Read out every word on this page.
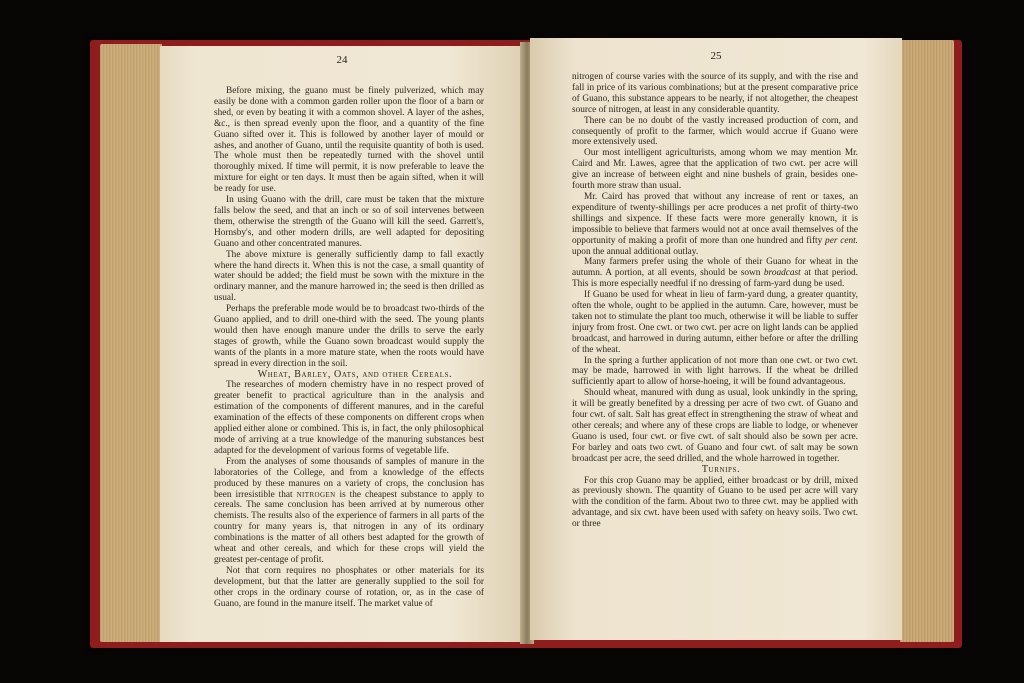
24

Before mixing, the guano must be finely pulverized, which may easily be done with a common garden roller upon the floor of a barn or shed, or even by beating it with a common shovel. A layer of the ashes, &c., is then spread evenly upon the floor, and a quantity of the fine Guano sifted over it. This is followed by another layer of mould or ashes, and another of Guano, until the requisite quantity of both is used. The whole must then be repeatedly turned with the shovel until thoroughly mixed. If time will permit, it is now preferable to leave the mixture for eight or ten days. It must then be again sifted, when it will be ready for use.

In using Guano with the drill, care must be taken that the mixture falls below the seed, and that an inch or so of soil intervenes between them, otherwise the strength of the Guano will kill the seed. Garrett's, Hornsby's, and other modern drills, are well adapted for depositing Guano and other concentrated manures.

The above mixture is generally sufficiently damp to fall exactly where the hand directs it. When this is not the case, a small quantity of water should be added; the field must be sown with the mixture in the ordinary manner, and the manure harrowed in; the seed is then drilled as usual.

Perhaps the preferable mode would be to broadcast two-thirds of the Guano applied, and to drill one-third with the seed. The young plants would then have enough manure under the drills to serve the early stages of growth, while the Guano sown broadcast would supply the wants of the plants in a more mature state, when the roots would have spread in every direction in the soil.

Wheat, Barley, Oats, and other Cereals.

The researches of modern chemistry have in no respect proved of greater benefit to practical agriculture than in the analysis and estimation of the components of different manures, and in the careful examination of the effects of these components on different crops when applied either alone or combined. This is, in fact, the only philosophical mode of arriving at a true knowledge of the manuring substances best adapted for the development of various forms of vegetable life.

From the analyses of some thousands of samples of manure in the laboratories of the College, and from a knowledge of the effects produced by these manures on a variety of crops, the conclusion has been irresistible that nitrogen is the cheapest substance to apply to cereals. The same conclusion has been arrived at by numerous other chemists. The results also of the experience of farmers in all parts of the country for many years is, that nitrogen in any of its ordinary combinations is the matter of all others best adapted for the growth of wheat and other cereals, and which for these crops will yield the greatest per-centage of profit.

Not that corn requires no phosphates or other materials for its development, but that the latter are generally supplied to the soil for other crops in the ordinary course of rotation, or, as in the case of Guano, are found in the manure itself. The market value of

25

nitrogen of course varies with the source of its supply, and with the rise and fall in price of its various combinations; but at the present comparative price of Guano, this substance appears to be nearly, if not altogether, the cheapest source of nitrogen, at least in any considerable quantity.

There can be no doubt of the vastly increased production of corn, and consequently of profit to the farmer, which would accrue if Guano were more extensively used.

Our most intelligent agriculturists, among whom we may mention Mr. Caird and Mr. Lawes, agree that the application of two cwt. per acre will give an increase of between eight and nine bushels of grain, besides one-fourth more straw than usual.

Mr. Caird has proved that without any increase of rent or taxes, an expenditure of twenty-shillings per acre produces a net profit of thirty-two shillings and sixpence. If these facts were more generally known, it is impossible to believe that farmers would not at once avail themselves of the opportunity of making a profit of more than one hundred and fifty per cent. upon the annual additional outlay.

Many farmers prefer using the whole of their Guano for wheat in the autumn. A portion, at all events, should be sown broadcast at that period. This is more especially needful if no dressing of farm-yard dung be used.

If Guano be used for wheat in lieu of farm-yard dung, a greater quantity, often the whole, ought to be applied in the autumn. Care, however, must be taken not to stimulate the plant too much, otherwise it will be liable to suffer injury from frost. One cwt. or two cwt. per acre on light lands can be applied broadcast, and harrowed in during autumn, either before or after the drilling of the wheat.

In the spring a further application of not more than one cwt. or two cwt. may be made, harrowed in with light harrows. If the wheat be drilled sufficiently apart to allow of horse-hoeing, it will be found advantageous.

Should wheat, manured with dung as usual, look unkindly in the spring, it will be greatly benefited by a dressing per acre of two cwt. of Guano and four cwt. of salt. Salt has great effect in strengthening the straw of wheat and other cereals; and where any of these crops are liable to lodge, or whenever Guano is used, four cwt. or five cwt. of salt should also be sown per acre. For barley and oats two cwt. of Guano and four cwt. of salt may be sown broadcast per acre, the seed drilled, and the whole harrowed in together.

Turnips.

For this crop Guano may be applied, either broadcast or by drill, mixed as previously shown. The quantity of Guano to be used per acre will vary with the condition of the farm. About two to three cwt. may be applied with advantage, and six cwt. have been used with safety on heavy soils. Two cwt. or three
